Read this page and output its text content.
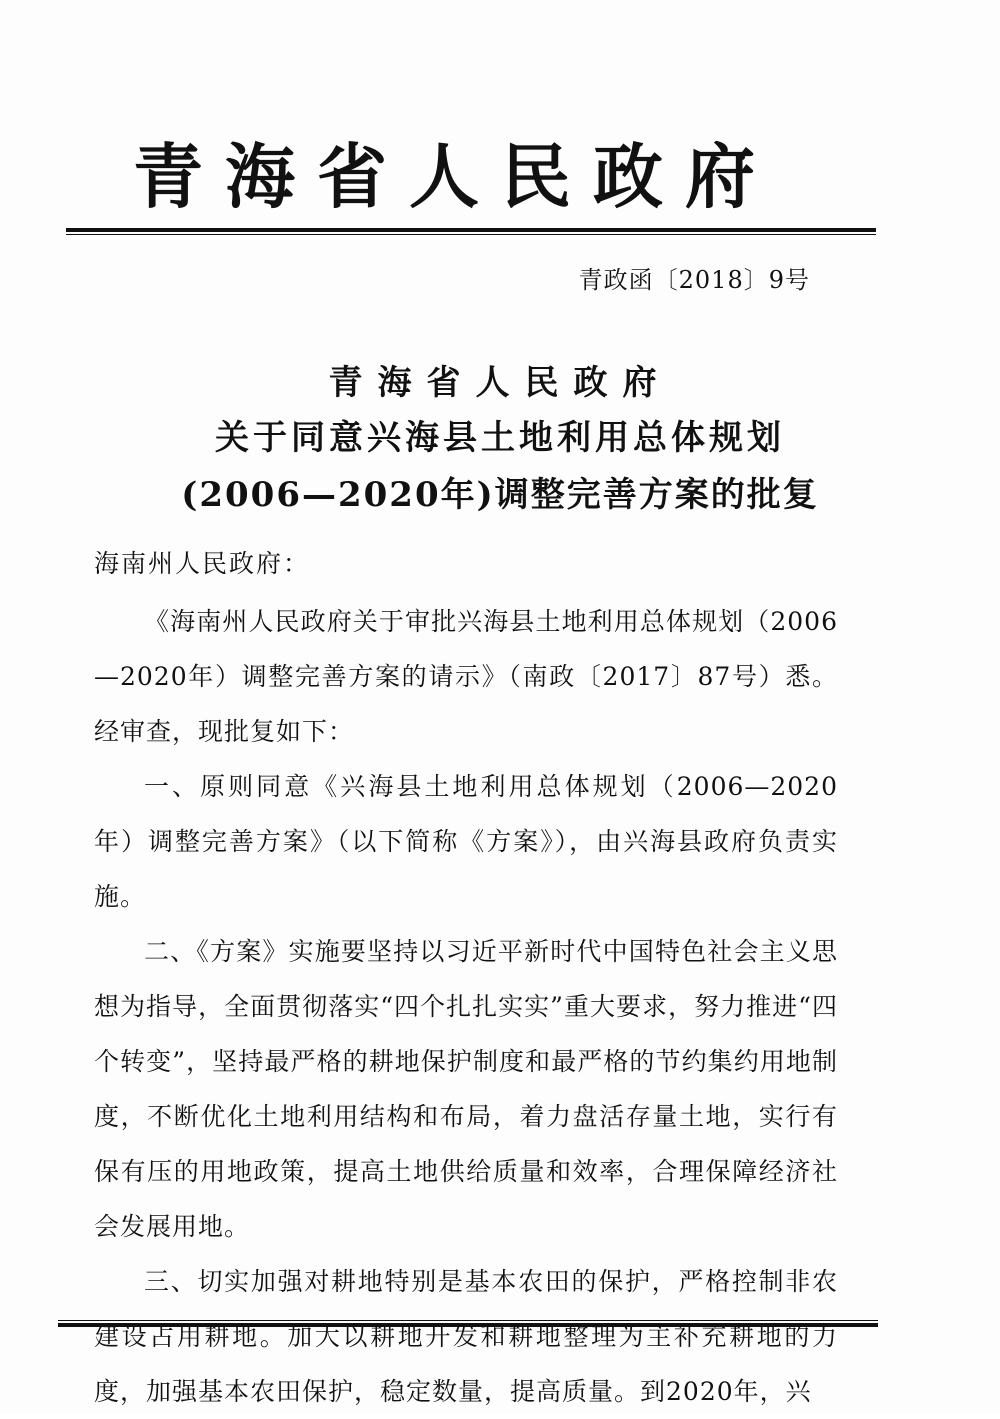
青海省人民政府
青政函〔2018〕9号
青海省人民政府
关于同意兴海县土地利用总体规划
(2006—2020年)调整完善方案的批复
海南州人民政府：

《海南州人民政府关于审批兴海县土地利用总体规划（2006—2020年）调整完善方案的请示》（南政〔2017〕87号）悉。经审查，现批复如下：

一、原则同意《兴海县土地利用总体规划（2006—2020年）调整完善方案》（以下简称《方案》），由兴海县政府负责实施。

二、《方案》实施要坚持以习近平新时代中国特色社会主义思想为指导，全面贯彻落实“四个扎扎实实”重大要求，努力推进“四个转变”，坚持最严格的耕地保护制度和最严格的节约集约用地制度，不断优化土地利用结构和布局，着力盘活存量土地，实行有保有压的用地政策，提高土地供给质量和效率，合理保障经济社会发展用地。

三、切实加强对耕地特别是基本农田的保护，严格控制非农建设占用耕地。加大以耕地开发和耕地整理为主补充耕地的力度，加强基本农田保护，稳定数量，提高质量。到2020年，兴
